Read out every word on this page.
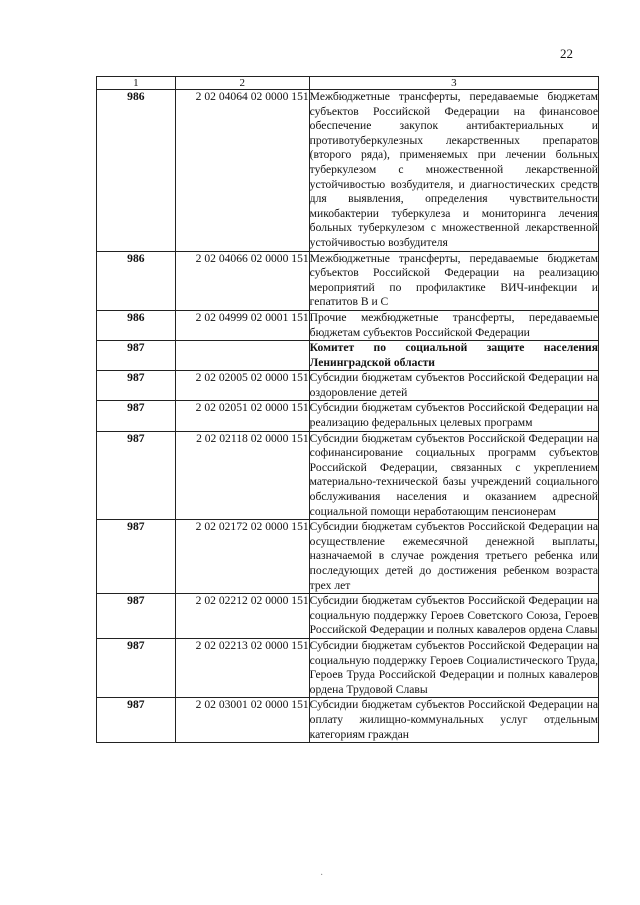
22
1	2	3
986	2 02 04064 02 0000 151	Межбюджетные трансферты, передаваемые бюджетам субъектов Российской Федерации на финансовое обеспечение закупок антибактериальных и противотуберкулезных лекарственных препаратов (второго ряда), применяемых при лечении больных туберкулезом с множественной лекарственной устойчивостью возбудителя, и диагностических средств для выявления, определения чувствительности микобактерии туберкулеза и мониторинга лечения больных туберкулезом с множественной лекарственной устойчивостью возбудителя
986	2 02 04066 02 0000 151	Межбюджетные трансферты, передаваемые бюджетам субъектов Российской Федерации на реализацию мероприятий по профилактике ВИЧ-инфекции и гепатитов B и C
986	2 02 04999 02 0001 151	Прочие межбюджетные трансферты, передаваемые бюджетам субъектов Российской Федерации
987		Комитет по социальной защите населения Ленинградской области
987	2 02 02005 02 0000 151	Субсидии бюджетам субъектов Российской Федерации на оздоровление детей
987	2 02 02051 02 0000 151	Субсидии бюджетам субъектов Российской Федерации на реализацию федеральных целевых программ
987	2 02 02118 02 0000 151	Субсидии бюджетам субъектов Российской Федерации на софинансирование социальных программ субъектов Российской Федерации, связанных с укреплением материально-технической базы учреждений социального обслуживания населения и оказанием адресной социальной помощи неработающим пенсионерам
987	2 02 02172 02 0000 151	Субсидии бюджетам субъектов Российской Федерации на осуществление ежемесячной денежной выплаты, назначаемой в случае рождения третьего ребенка или последующих детей до достижения ребенком возраста трех лет
987	2 02 02212 02 0000 151	Субсидии бюджетам субъектов Российской Федерации на социальную поддержку Героев Советского Союза, Героев Российской Федерации и полных кавалеров ордена Славы
987	2 02 02213 02 0000 151	Субсидии бюджетам субъектов Российской Федерации на социальную поддержку Героев Социалистического Труда, Героев Труда Российской Федерации и полных кавалеров ордена Трудовой Славы
987	2 02 03001 02 0000 151	Субсидии бюджетам субъектов Российской Федерации на оплату жилищно-коммунальных услуг отдельным категориям граждан
·
